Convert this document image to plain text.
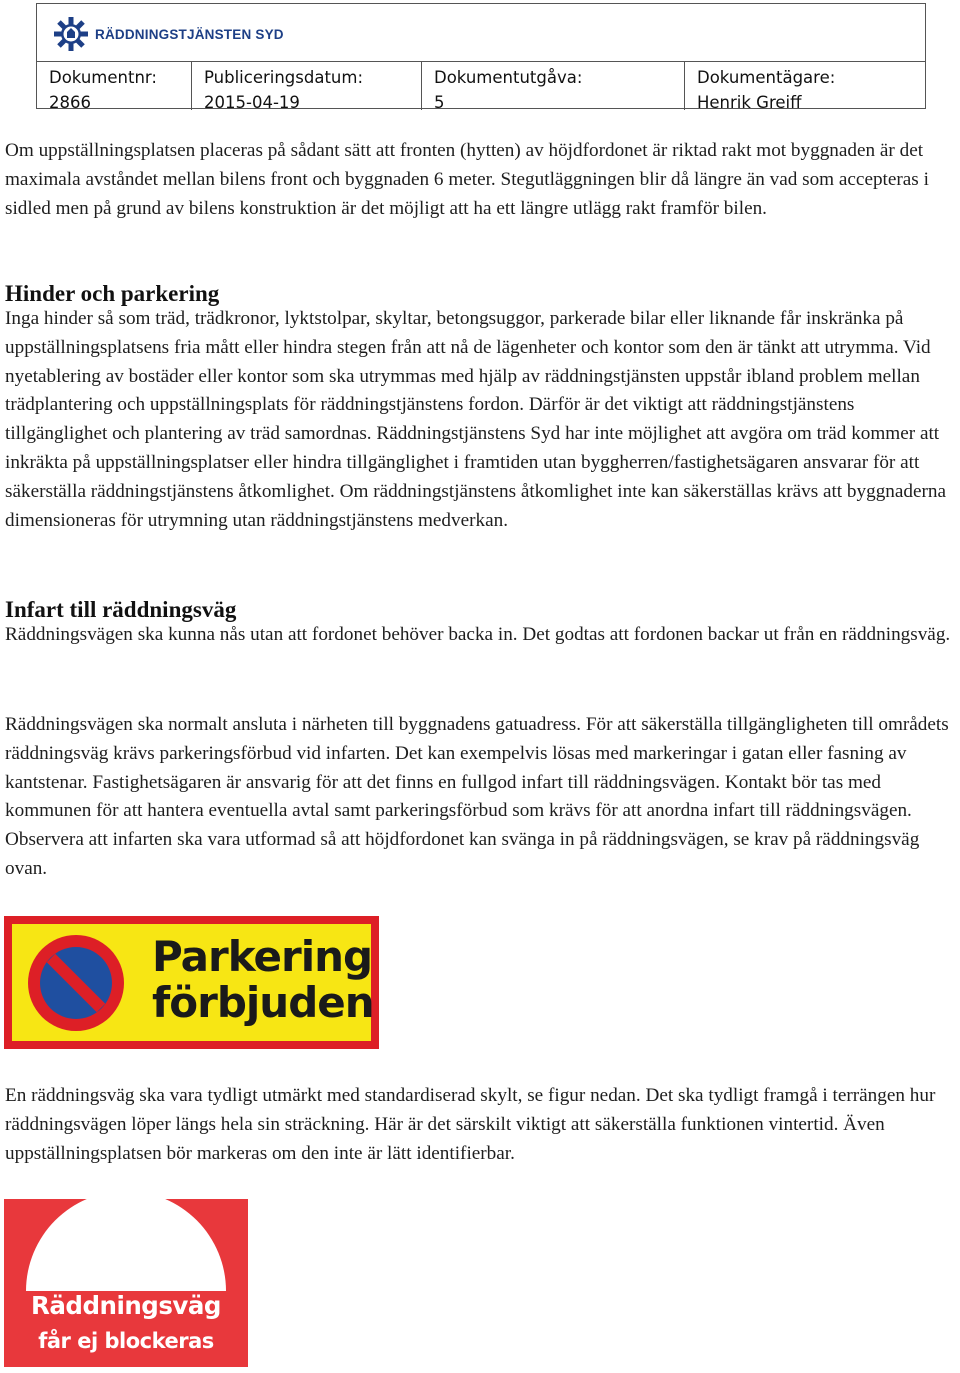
RÄDDNINGSTJÄNSTEN SYD
Dokumentnr:
2866
Publiceringsdatum:
2015-04-19
Dokumentutgåva:
5
Dokumentägare:
Henrik Greiff

Om uppställningsplatsen placeras på sådant sätt att fronten (hytten) av höjdfordonet är riktad rakt mot byggnaden är det maximala avståndet mellan bilens front och byggnaden 6 meter. Stegutläggningen blir då längre än vad som accepteras i sidled men på grund av bilens konstruktion är det möjligt att ha ett längre utlägg rakt framför bilen.

Hinder och parkering

Inga hinder så som träd, trädkronor, lyktstolpar, skyltar, betongsuggor, parkerade bilar eller liknande får inskränka på uppställningsplatsens fria mått eller hindra stegen från att nå de lägenheter och kontor som den är tänkt att utrymma. Vid nyetablering av bostäder eller kontor som ska utrymmas med hjälp av räddningstjänsten uppstår ibland problem mellan trädplantering och uppställningsplats för räddningstjänstens fordon. Därför är det viktigt att räddningstjänstens tillgänglighet och plantering av träd samordnas. Räddningstjänstens Syd har inte möjlighet att avgöra om träd kommer att inkräkta på uppställningsplatser eller hindra tillgänglighet i framtiden utan byggherren/fastighetsägaren ansvarar för att säkerställa räddningstjänstens åtkomlighet. Om räddningstjänstens åtkomlighet inte kan säkerställas krävs att byggnaderna dimensioneras för utrymning utan räddningstjänstens medverkan.

Infart till räddningsväg

Räddningsvägen ska kunna nås utan att fordonet behöver backa in. Det godtas att fordonen backar ut från en räddningsväg.

Räddningsvägen ska normalt ansluta i närheten till byggnadens gatuadress. För att säkerställa tillgängligheten till områdets räddningsväg krävs parkeringsförbud vid infarten. Det kan exempelvis lösas med markeringar i gatan eller fasning av kantstenar. Fastighetsägaren är ansvarig för att det finns en fullgod infart till räddningsvägen. Kontakt bör tas med kommunen för att hantera eventuella avtal samt parkeringsförbud som krävs för att anordna infart till räddningsvägen. Observera att infarten ska vara utformad så att höjdfordonet kan svänga in på räddningsvägen, se krav på räddningsväg ovan.

Parkering
förbjuden

En räddningsväg ska vara tydligt utmärkt med standardiserad skylt, se figur nedan. Det ska tydligt framgå i terrängen hur räddningsvägen löper längs hela sin sträckning. Här är det särskilt viktigt att säkerställa funktionen vintertid. Även uppställningsplatsen bör markeras om den inte är lätt identifierbar.

Räddningsväg
får ej blockeras
